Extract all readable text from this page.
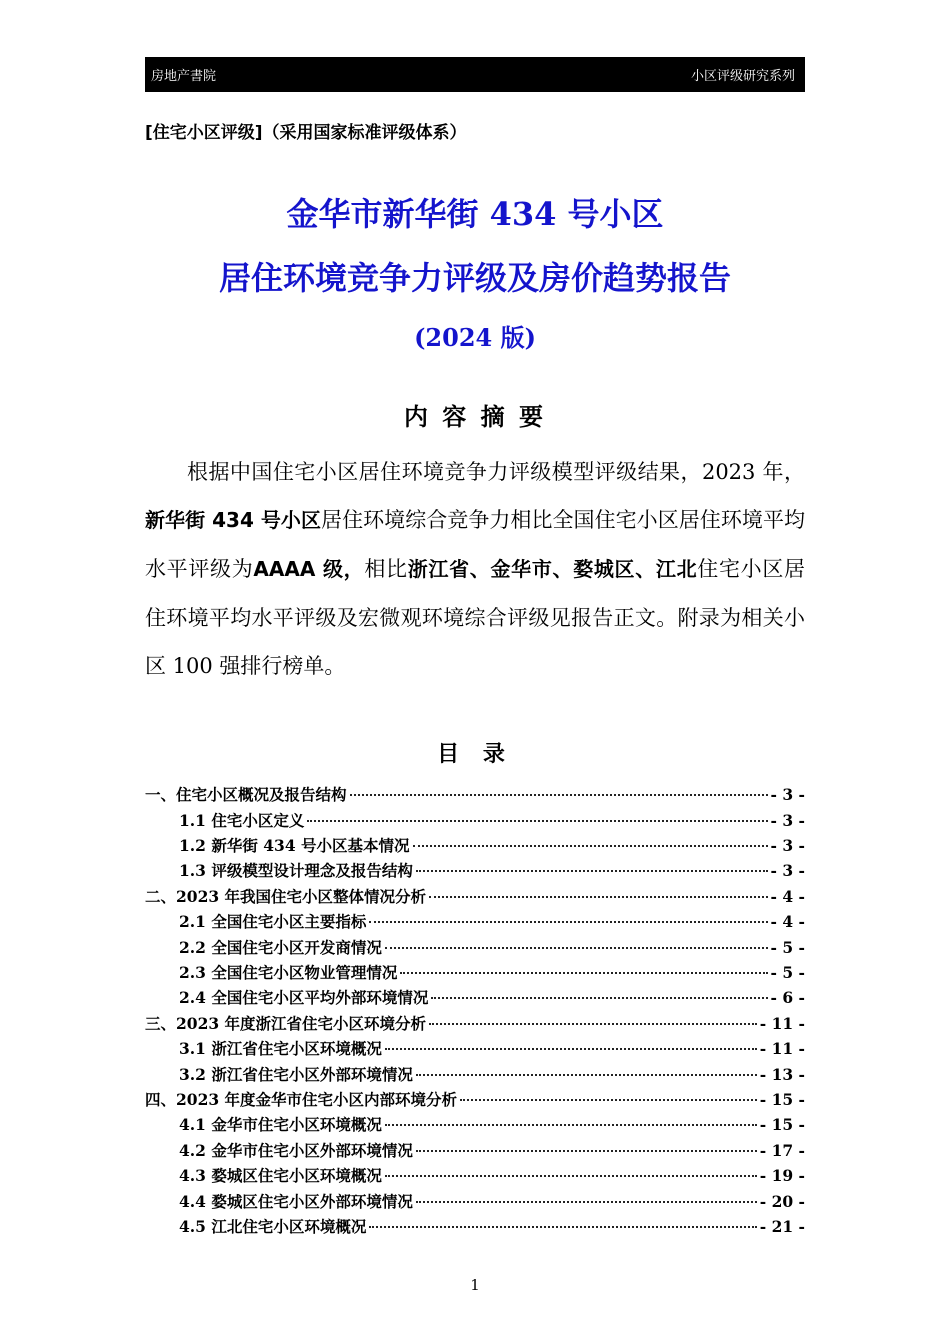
房地产書院	小区评级研究系列
[住宅小区评级]（采用国家标准评级体系）
金华市新华街 434 号小区
居住环境竞争力评级及房价趋势报告
(2024 版)
内 容 摘 要

根据中国住宅小区居住环境竞争力评级模型评级结果，2023 年，新华街 434 号小区居住环境综合竞争力相比全国住宅小区居住环境平均水平评级为AAAA 级，相比浙江省、金华市、婺城区、江北住宅小区居住环境平均水平评级及宏微观环境综合评级见报告正文。附录为相关小区 100 强排行榜单。

目 录
一、住宅小区概况及报告结构	- 3 -
1.1 住宅小区定义	- 3 -
1.2 新华街 434 号小区基本情况	- 3 -
1.3 评级模型设计理念及报告结构	- 3 -
二、2023 年我国住宅小区整体情况分析	- 4 -
2.1 全国住宅小区主要指标	- 4 -
2.2 全国住宅小区开发商情况	- 5 -
2.3 全国住宅小区物业管理情况	- 5 -
2.4 全国住宅小区平均外部环境情况	- 6 -
三、2023 年度浙江省住宅小区环境分析	- 11 -
3.1 浙江省住宅小区环境概况	- 11 -
3.2 浙江省住宅小区外部环境情况	- 13 -
四、2023 年度金华市住宅小区内部环境分析	- 15 -
4.1 金华市住宅小区环境概况	- 15 -
4.2 金华市住宅小区外部环境情况	- 17 -
4.3 婺城区住宅小区环境概况	- 19 -
4.4 婺城区住宅小区外部环境情况	- 20 -
4.5 江北住宅小区环境概况	- 21 -
1
